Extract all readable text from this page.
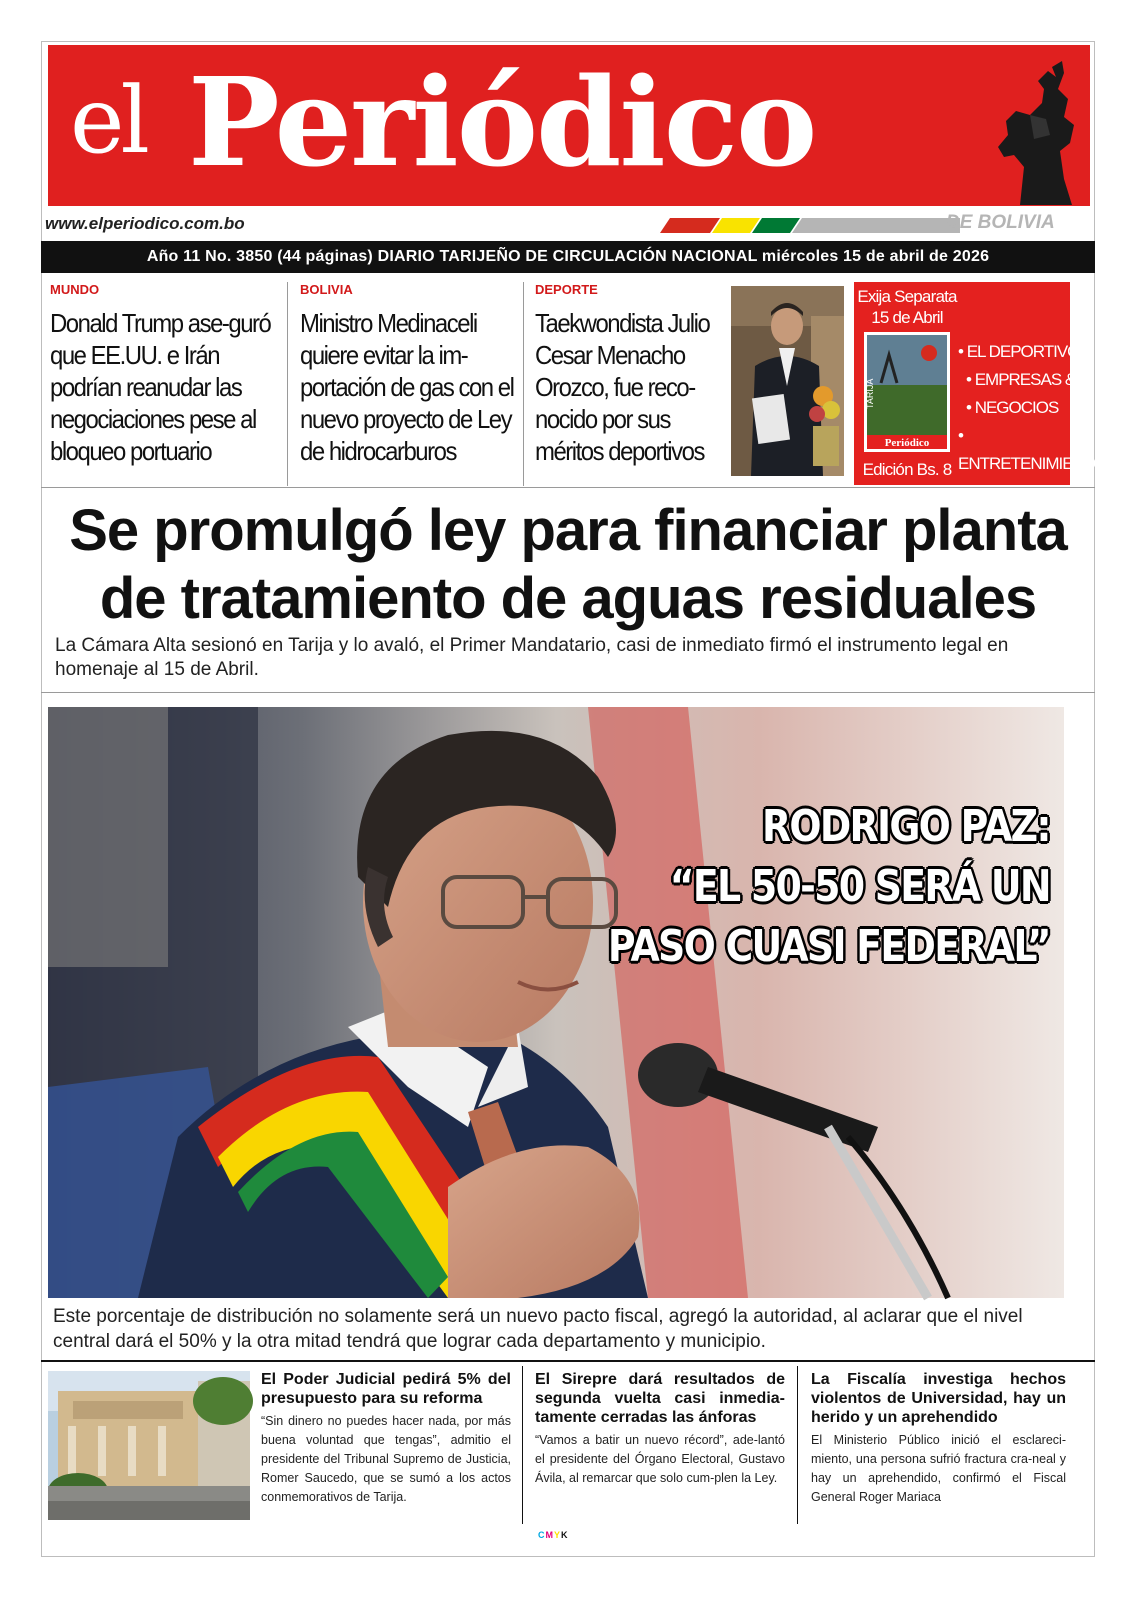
el Periódico
www.elperiodico.com.bo	DE BOLIVIA
Año 11 No. 3850 (44 páginas) DIARIO TARIJEÑO DE CIRCULACIÓN NACIONAL miércoles 15 de abril de 2026
MUNDO
Donald Trump ase-guró que EE.UU. e Irán podrían reanudar las negociaciones pese al bloqueo portuario
BOLIVIA
Ministro Medinaceli quiere evitar la im-portación de gas con el nuevo proyecto de Ley de hidrocarburos
DEPORTE
Taekwondista Julio Cesar Menacho Orozco, fue reco-nocido por sus méritos deportivos
Exija Separata
15 de Abril
TARIJA
Periódico
Edición Bs. 8
• EL DEPORTIVO
• EMPRESAS &
• NEGOCIOS
• ENTRETENIMIENTO
Se promulgó ley para financiar planta
de tratamiento de aguas residuales
La Cámara Alta sesionó en Tarija y lo avaló, el Primer Mandatario, casi de inmediato firmó el instrumento legal en homenaje al 15 de Abril.
RODRIGO PAZ:
“EL 50-50 SERÁ UN
PASO CUASI FEDERAL”
Este porcentaje de distribución no solamente será un nuevo pacto fiscal, agregó la autoridad, al aclarar que el nivel central dará el 50% y la otra mitad tendrá que lograr cada departamento y municipio.
El Poder Judicial pedirá 5% del presupuesto para su reforma
“Sin dinero no puedes hacer nada, por más buena voluntad que tengas”, admitio el presidente del Tribunal Supremo de Justicia, Romer Saucedo, que se sumó a los actos conmemorativos de Tarija.
El Sirepre dará resultados de segunda vuelta casi inmedia-tamente cerradas las ánforas
“Vamos a batir un nuevo récord”, ade-lantó el presidente del Órgano Electoral, Gustavo Ávila, al remarcar que solo cum-plen la Ley.
La Fiscalía investiga hechos violentos de Universidad, hay un herido y un aprehendido
El Ministerio Público inició el esclareci-miento, una persona sufrió fractura cra-neal y hay un aprehendido, confirmó el Fiscal General Roger Mariaca
CMYK
